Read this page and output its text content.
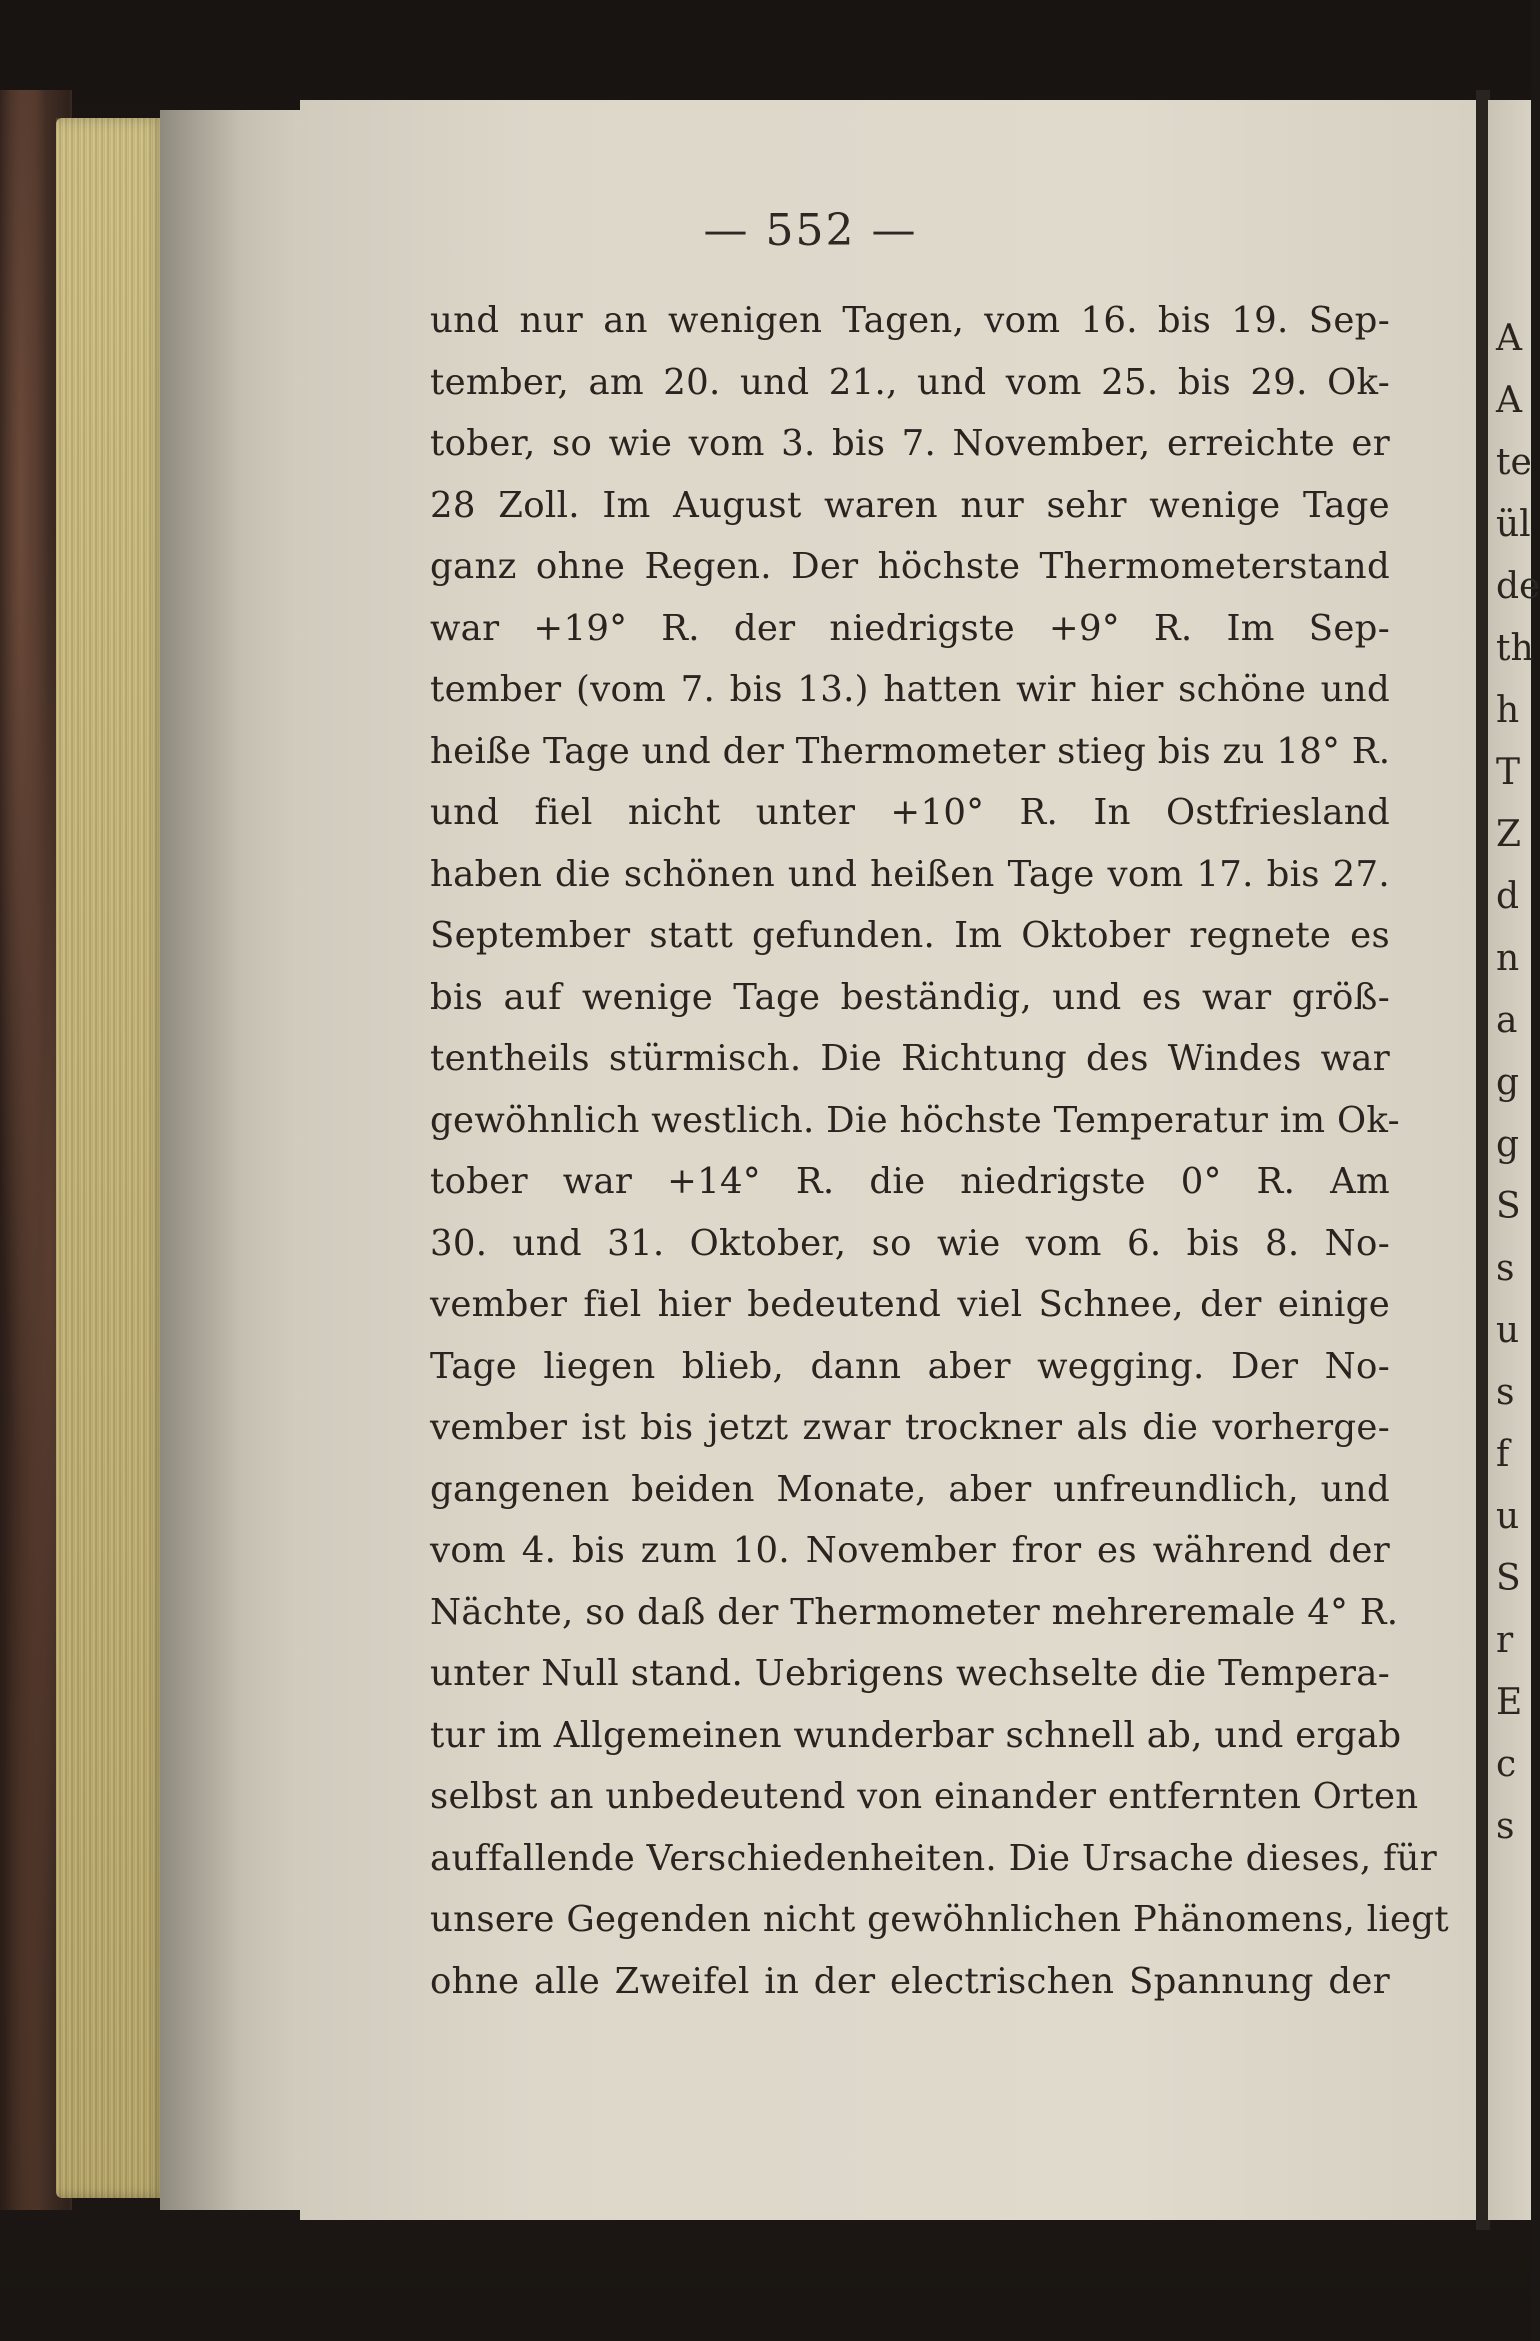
A
A
te
ül
de
th
h
T
Z
d
n
a
g
g
S
s
u
s
f
u
S
r
E
c
s

— 552 —

und nur an wenigen Tagen, vom 16. bis 19. Sep-
tember, am 20. und 21., und vom 25. bis 29. Ok-
tober, so wie vom 3. bis 7. November, erreichte er
28 Zoll. Im August waren nur sehr wenige Tage
ganz ohne Regen. Der höchste Thermometerstand
war +19° R. der niedrigste +9° R. Im Sep-
tember (vom 7. bis 13.) hatten wir hier schöne und
heiße Tage und der Thermometer stieg bis zu 18° R.
und fiel nicht unter +10° R. In Ostfriesland
haben die schönen und heißen Tage vom 17. bis 27.
September statt gefunden. Im Oktober regnete es
bis auf wenige Tage beständig, und es war größ-
tentheils stürmisch. Die Richtung des Windes war
gewöhnlich westlich. Die höchste Temperatur im Ok-
tober war +14° R. die niedrigste 0° R. Am
30. und 31. Oktober, so wie vom 6. bis 8. No-
vember fiel hier bedeutend viel Schnee, der einige
Tage liegen blieb, dann aber wegging. Der No-
vember ist bis jetzt zwar trockner als die vorherge-
gangenen beiden Monate, aber unfreundlich, und
vom 4. bis zum 10. November fror es während der
Nächte, so daß der Thermometer mehreremale 4° R.
unter Null stand. Uebrigens wechselte die Tempera-
tur im Allgemeinen wunderbar schnell ab, und ergab
selbst an unbedeutend von einander entfernten Orten
auffallende Verschiedenheiten. Die Ursache dieses, für
unsere Gegenden nicht gewöhnlichen Phänomens, liegt
ohne alle Zweifel in der electrischen Spannung der
